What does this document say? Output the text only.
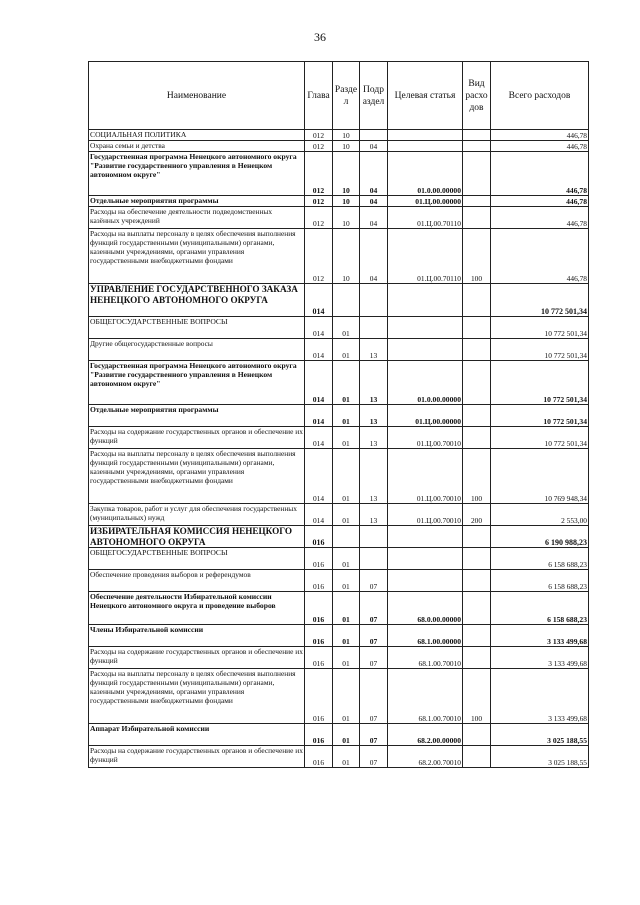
36
Наименование	Глава	Разде л	Подр аздел	Целевая статья	Вид расхо дов	Всего расходов
СОЦИАЛЬНАЯ ПОЛИТИКА	012	10				446,78
Охрана семьи и детства	012	10	04			446,78
Государственная программа Ненецкого автономного округа "Развитие государственного управления в Ненецком автономном округе"	012	10	04	01.0.00.00000		446,78
Отдельные мероприятия программы	012	10	04	01.Ц.00.00000		446,78
Расходы на обеспечение деятельности подведомственных казённых учреждений	012	10	04	01.Ц.00.70110		446,78
Расходы на выплаты персоналу в целях обеспечения выполнения функций государственными (муниципальными) органами, казенными учреждениями, органами управления государственными внебюджетными фондами	012	10	04	01.Ц.00.70110	100	446,78
УПРАВЛЕНИЕ ГОСУДАРСТВЕННОГО ЗАКАЗА НЕНЕЦКОГО АВТОНОМНОГО ОКРУГА	014					10 772 501,34
ОБЩЕГОСУДАРСТВЕННЫЕ ВОПРОСЫ	014	01				10 772 501,34
Другие общегосударственные вопросы	014	01	13			10 772 501,34
Государственная программа Ненецкого автономного округа "Развитие государственного управления в Ненецком автономном округе"	014	01	13	01.0.00.00000		10 772 501,34
Отдельные мероприятия программы	014	01	13	01.Ц.00.00000		10 772 501,34
Расходы на содержание государственных органов и обеспечение их функций	014	01	13	01.Ц.00.70010		10 772 501,34
Расходы на выплаты персоналу в целях обеспечения выполнения функций государственными (муниципальными) органами, казенными учреждениями, органами управления государственными внебюджетными фондами	014	01	13	01.Ц.00.70010	100	10 769 948,34
Закупка товаров, работ и услуг для обеспечения государственных (муниципальных) нужд	014	01	13	01.Ц.00.70010	200	2 553,00
ИЗБИРАТЕЛЬНАЯ КОМИССИЯ НЕНЕЦКОГО АВТОНОМНОГО ОКРУГА	016					6 190 988,23
ОБЩЕГОСУДАРСТВЕННЫЕ ВОПРОСЫ	016	01				6 158 688,23
Обеспечение проведения выборов и референдумов	016	01	07			6 158 688,23
Обеспечение деятельности Избирательной комиссии Ненецкого автономного округа и проведение выборов	016	01	07	68.0.00.00000		6 158 688,23
Члены Избирательной комиссии	016	01	07	68.1.00.00000		3 133 499,68
Расходы на содержание государственных органов и обеспечение их функций	016	01	07	68.1.00.70010		3 133 499,68
Расходы на выплаты персоналу в целях обеспечения выполнения функций государственными (муниципальными) органами, казенными учреждениями, органами управления государственными внебюджетными фондами	016	01	07	68.1.00.70010	100	3 133 499,68
Аппарат Избирательной комиссии	016	01	07	68.2.00.00000		3 025 188,55
Расходы на содержание государственных органов и обеспечение их функций	016	01	07	68.2.00.70010		3 025 188,55
